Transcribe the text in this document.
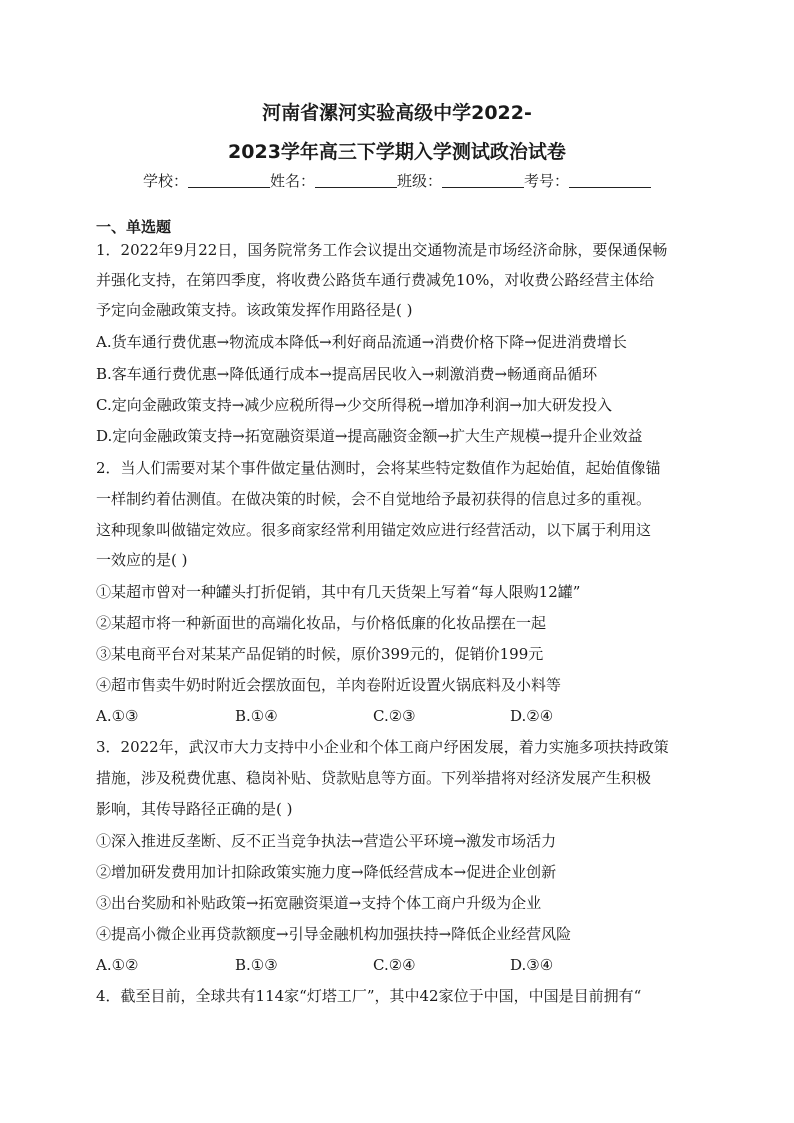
河南省漯河实验高级中学2022-
2023学年高三下学期入学测试政治试卷
学校：	姓名：	班级：	考号：
一、单选题
1．2022年9月22日，国务院常务工作会议提出交通物流是市场经济命脉，要保通保畅
并强化支持，在第四季度，将收费公路货车通行费减免10%，对收费公路经营主体给
予定向金融政策支持。该政策发挥作用路径是( )
A.货车通行费优惠→物流成本降低→利好商品流通→消费价格下降→促进消费增长
B.客车通行费优惠→降低通行成本→提高居民收入→刺激消费→畅通商品循环
C.定向金融政策支持→减少应税所得→少交所得税→增加净利润→加大研发投入
D.定向金融政策支持→拓宽融资渠道→提高融资金额→扩大生产规模→提升企业效益
2．当人们需要对某个事件做定量估测时，会将某些特定数值作为起始值，起始值像锚
一样制约着估测值。在做决策的时候，会不自觉地给予最初获得的信息过多的重视。
这种现象叫做锚定效应。很多商家经常利用锚定效应进行经营活动，以下属于利用这
一效应的是( )
①某超市曾对一种罐头打折促销，其中有几天货架上写着“每人限购12罐”
②某超市将一种新面世的高端化妆品，与价格低廉的化妆品摆在一起
③某电商平台对某某产品促销的时候，原价399元的，促销价199元
④超市售卖牛奶时附近会摆放面包，羊肉卷附近设置火锅底料及小料等
A.①③	B.①④	C.②③	D.②④
3．2022年，武汉市大力支持中小企业和个体工商户纾困发展，着力实施多项扶持政策
措施，涉及税费优惠、稳岗补贴、贷款贴息等方面。下列举措将对经济发展产生积极
影响，其传导路径正确的是( )
①深入推进反垄断、反不正当竞争执法→营造公平环境→激发市场活力
②增加研发费用加计扣除政策实施力度→降低经营成本→促进企业创新
③出台奖励和补贴政策→拓宽融资渠道→支持个体工商户升级为企业
④提高小微企业再贷款额度→引导金融机构加强扶持→降低企业经营风险
A.①②	B.①③	C.②④	D.③④
4．截至目前，全球共有114家“灯塔工厂”，其中42家位于中国，中国是目前拥有“
